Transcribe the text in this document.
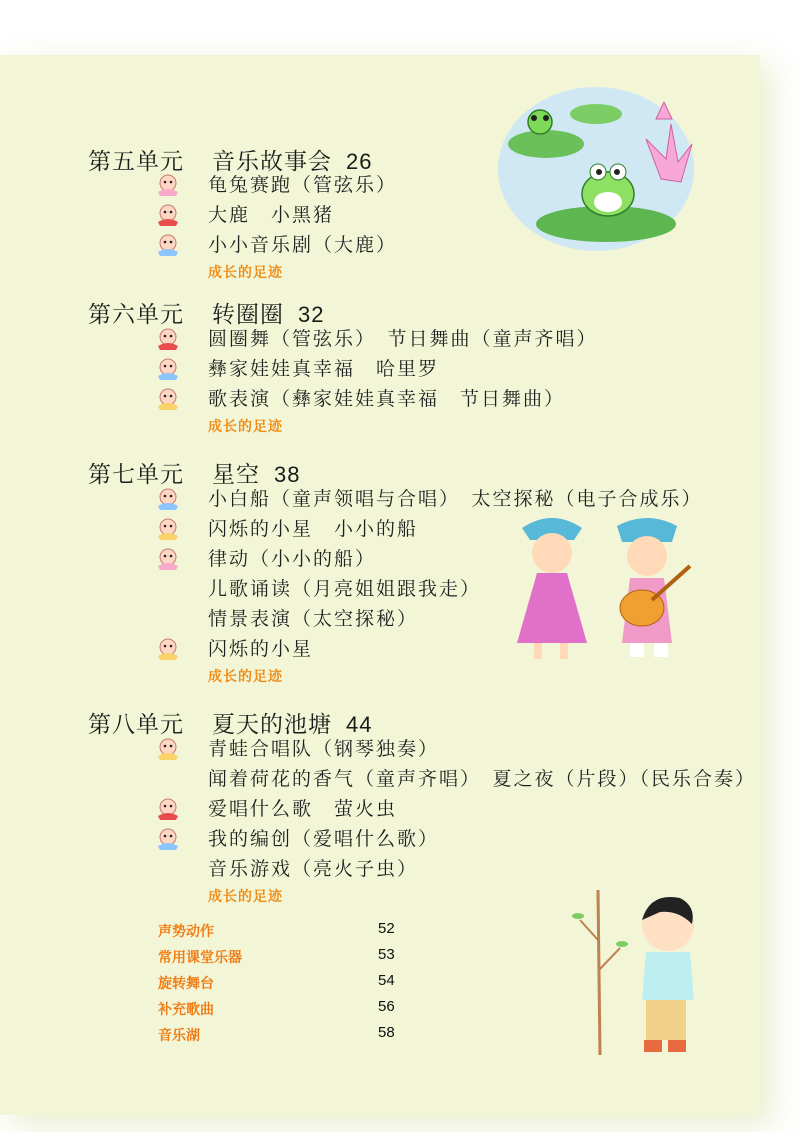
第五单元 音乐故事会 26
龟兔赛跑（管弦乐）
大鹿　小黑猪
小小音乐剧（大鹿）
成长的足迹
第六单元 转圈圈 32
圆圈舞（管弦乐）　节日舞曲（童声齐唱）
彝家娃娃真幸福　哈里罗
歌表演（彝家娃娃真幸福　节日舞曲）
成长的足迹
第七单元 星空 38
小白船（童声领唱与合唱）　太空探秘（电子合成乐）
闪烁的小星　小小的船
律动（小小的船）
儿歌诵读（月亮姐姐跟我走）
情景表演（太空探秘）
闪烁的小星
成长的足迹
第八单元 夏天的池塘 44
青蛙合唱队（钢琴独奏）
闻着荷花的香气（童声齐唱）　夏之夜（片段）（民乐合奏）
爱唱什么歌　萤火虫
我的编创（爱唱什么歌）
音乐游戏（亮火子虫）
成长的足迹
声势动作	52
常用课堂乐器	53
旋转舞台	54
补充歌曲	56
音乐湖	58
